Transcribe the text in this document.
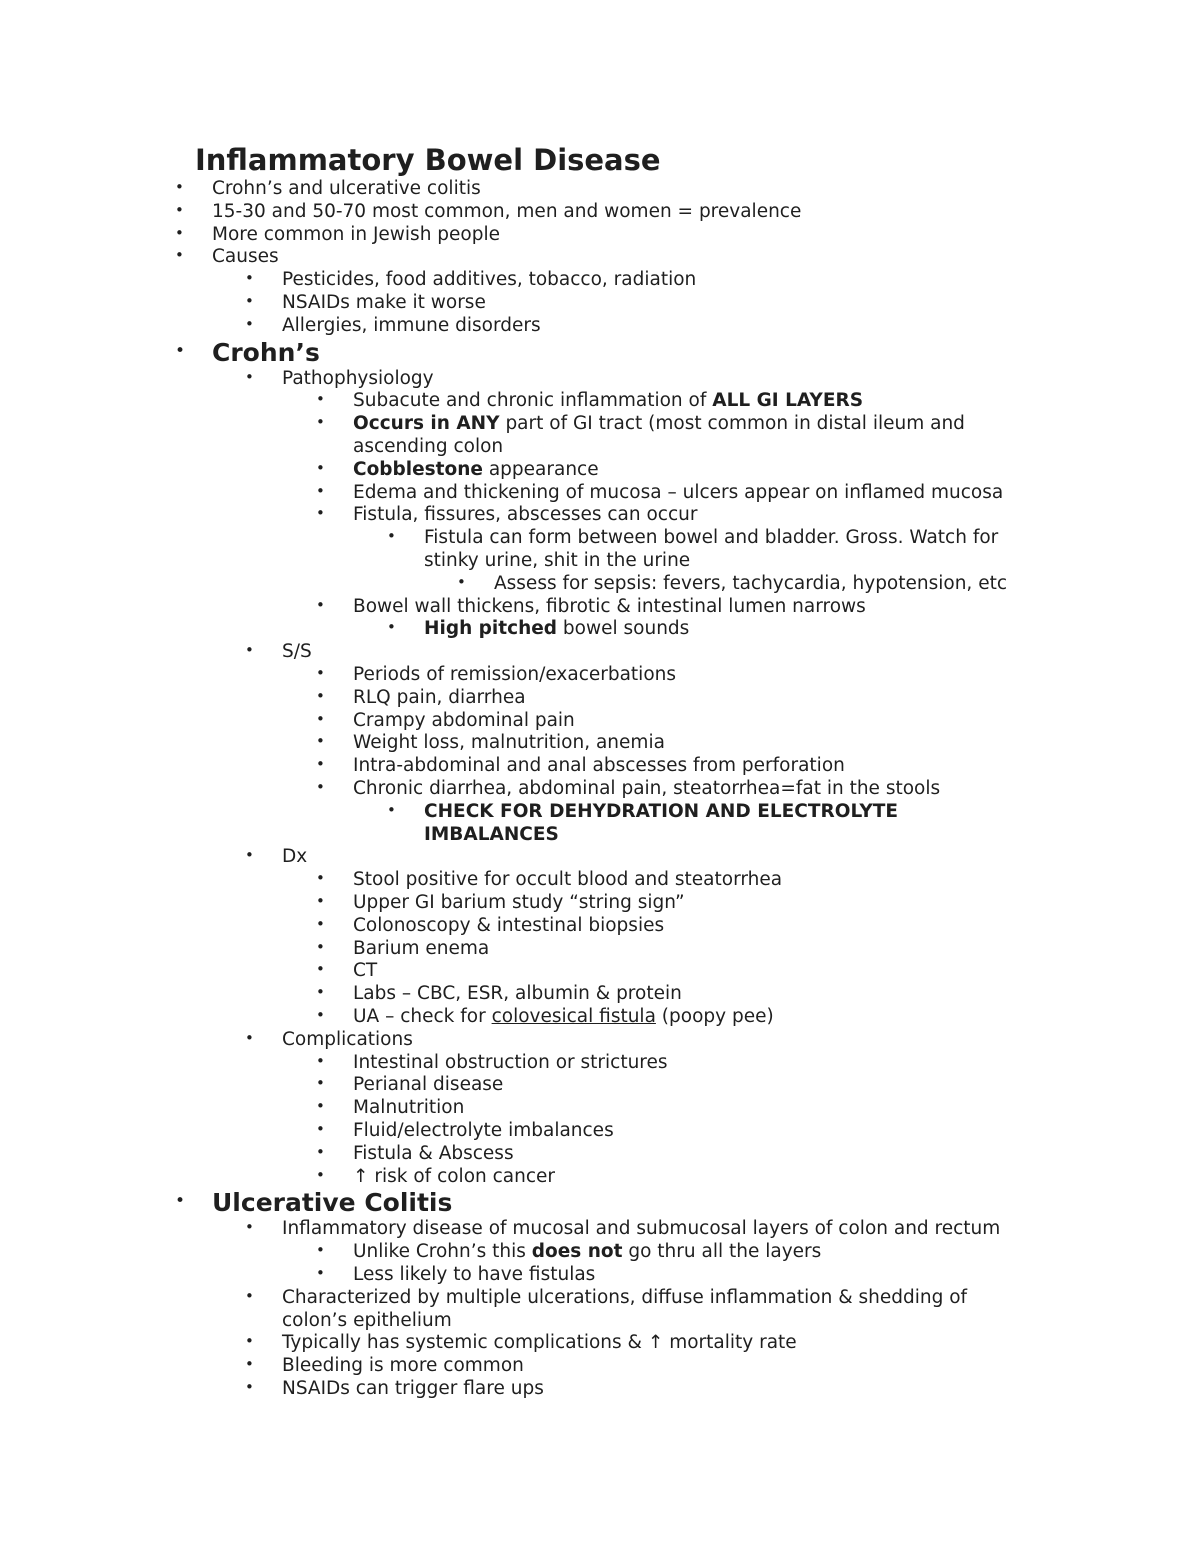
Inflammatory Bowel Disease
Crohn’s and ulcerative colitis
•
15-30 and 50-70 most common, men and women = prevalence
•
More common in Jewish people
•
Causes
•
Pesticides, food additives, tobacco, radiation
•
NSAIDs make it worse
•
Allergies, immune disorders
•
Crohn’s
•
Pathophysiology
•
Subacute and chronic inflammation of ALL GI LAYERS
•
Occurs in ANY part of GI tract (most common in distal ileum and
•
ascending colon
Cobblestone appearance
•
Edema and thickening of mucosa – ulcers appear on inflamed mucosa
•
Fistula, fissures, abscesses can occur
•
Fistula can form between bowel and bladder. Gross. Watch for
•
stinky urine, shit in the urine
Assess for sepsis: fevers, tachycardia, hypotension, etc
•
Bowel wall thickens, fibrotic & intestinal lumen narrows
•
High pitched bowel sounds
•
S/S
•
Periods of remission/exacerbations
•
RLQ pain, diarrhea
•
Crampy abdominal pain
•
Weight loss, malnutrition, anemia
•
Intra-abdominal and anal abscesses from perforation
•
Chronic diarrhea, abdominal pain, steatorrhea=fat in the stools
•
CHECK FOR DEHYDRATION AND ELECTROLYTE
•
IMBALANCES
Dx
•
Stool positive for occult blood and steatorrhea
•
Upper GI barium study “string sign”
•
Colonoscopy & intestinal biopsies
•
Barium enema
•
CT
•
Labs – CBC, ESR, albumin & protein
•
UA – check for colovesical fistula (poopy pee)
•
Complications
•
Intestinal obstruction or strictures
•
Perianal disease
•
Malnutrition
•
Fluid/electrolyte imbalances
•
Fistula & Abscess
•
↑ risk of colon cancer
•
Ulcerative Colitis
•
Inflammatory disease of mucosal and submucosal layers of colon and rectum
•
Unlike Crohn’s this does not go thru all the layers
•
Less likely to have fistulas
•
Characterized by multiple ulcerations, diffuse inflammation & shedding of
•
colon’s epithelium
Typically has systemic complications & ↑ mortality rate
•
Bleeding is more common
•
NSAIDs can trigger flare ups
•
